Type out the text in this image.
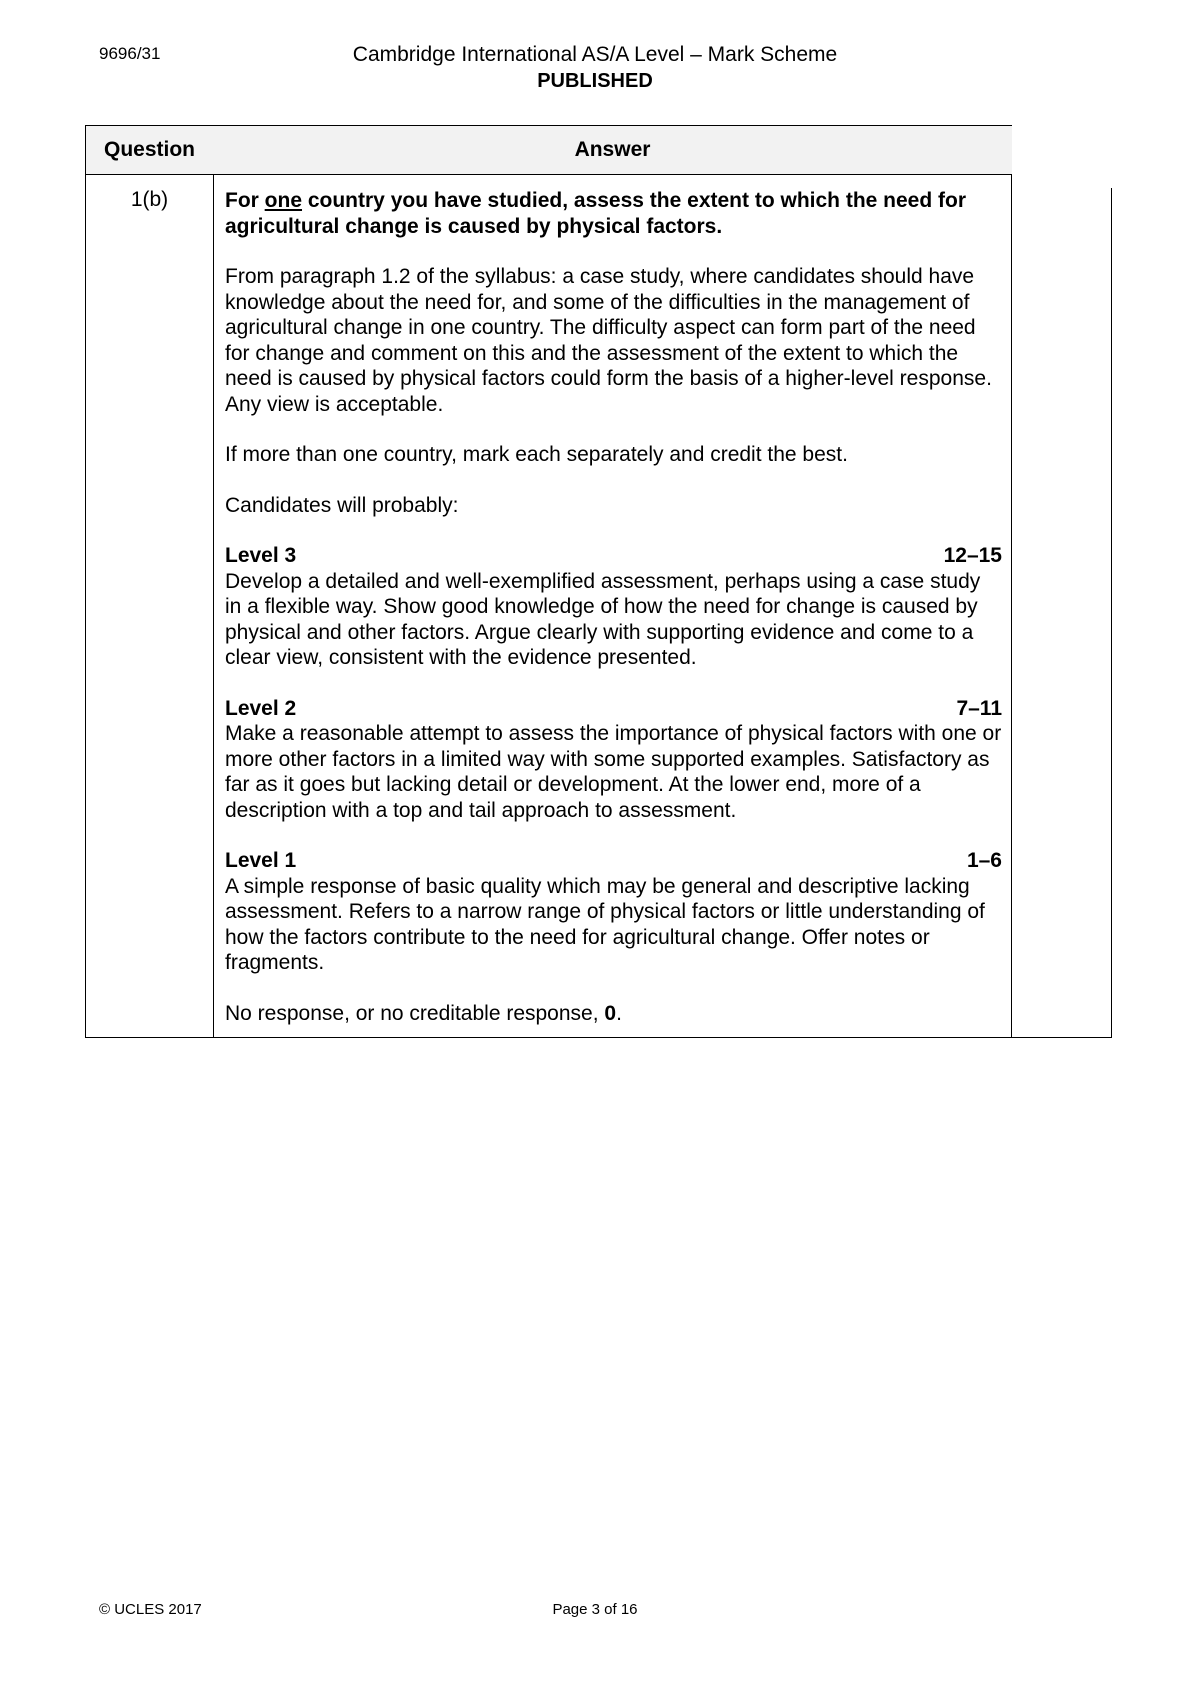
9696/31	Cambridge International AS/A Level – Mark Scheme
PUBLISHED
Question	Answer
1(b)	For one country you have studied, assess the extent to which the need for agricultural change is caused by physical factors.

From paragraph 1.2 of the syllabus: a case study, where candidates should have knowledge about the need for, and some of the difficulties in the management of agricultural change in one country. The difficulty aspect can form part of the need for change and comment on this and the assessment of the extent to which the need is caused by physical factors could form the basis of a higher-level response. Any view is acceptable.

If more than one country, mark each separately and credit the best.

Candidates will probably:

Level 3	12–15
Develop a detailed and well-exemplified assessment, perhaps using a case study in a flexible way. Show good knowledge of how the need for change is caused by physical and other factors. Argue clearly with supporting evidence and come to a clear view, consistent with the evidence presented.

Level 2	7–11
Make a reasonable attempt to assess the importance of physical factors with one or more other factors in a limited way with some supported examples. Satisfactory as far as it goes but lacking detail or development. At the lower end, more of a description with a top and tail approach to assessment.

Level 1	1–6
A simple response of basic quality which may be general and descriptive lacking assessment. Refers to a narrow range of physical factors or little understanding of how the factors contribute to the need for agricultural change. Offer notes or fragments.

No response, or no creditable response, 0.

© UCLES 2017	Page 3 of 16
